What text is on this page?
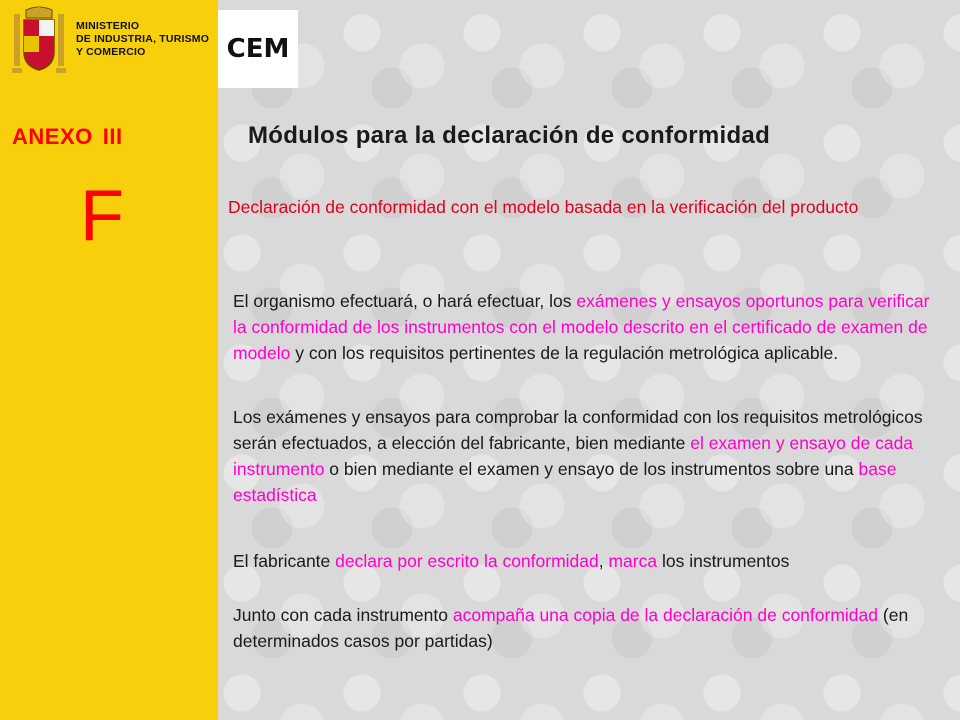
MINISTERIO
DE INDUSTRIA, TURISMO
Y COMERCIO	CEM
ANEXO III
F
Módulos para la declaración de conformidad
Declaración de conformidad con el modelo basada en la verificación del producto
El organismo efectuará, o hará efectuar, los exámenes y ensayos oportunos para verificar la conformidad de los instrumentos con el modelo descrito en el certificado de examen de modelo y con los requisitos pertinentes de la regulación metrológica aplicable.
Los exámenes y ensayos para comprobar la conformidad con los requisitos metrológicos serán efectuados, a elección del fabricante, bien mediante el examen y ensayo de cada instrumento o bien mediante el examen y ensayo de los instrumentos sobre una base estadística
El fabricante declara por escrito la conformidad, marca los instrumentos
Junto con cada instrumento acompaña una copia de la declaración de conformidad (en determinados casos por partidas)
